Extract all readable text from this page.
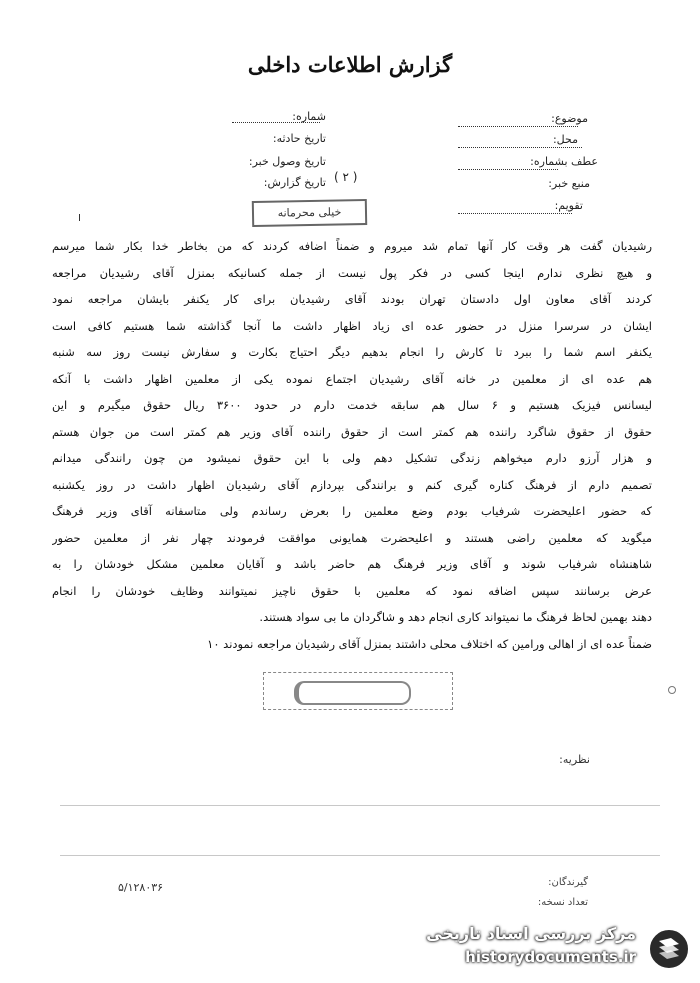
گزارش اطلاعات داخلی
موضوع:
محل:
عطف بشماره:
منبع خبر:
تقویم:
شماره:
تاریخ حادثه:
تاریخ وصول خبر:
تاریخ گزارش: ( ۲ )
خیلی محرمانه

رشیدیان گفت هر وقت کار آنها تمام شد میروم و ضمناً اضافه کردند که من بخاطر خدا بکار شما میرسم

و هیچ نظری ندارم اینجا کسی در فکر پول نیست از جمله کسانیکه بمنزل آقای رشیدیان مراجعه

کردند آقای معاون اول دادستان تهران بودند آقای رشیدیان برای کار یکنفر بایشان مراجعه نمود

ایشان در سرسرا منزل در حضور عده ای زیاد اظهار داشت ما آنجا گذاشته شما هستیم کافی است

یکنفر اسم شما را ببرد تا کارش را انجام بدهیم دیگر احتیاج بکارت و سفارش نیست روز سه شنبه

هم عده ای از معلمین در خانه آقای رشیدیان اجتماع نموده یکی از معلمین اظهار داشت با آنکه

لیسانس فیزیک هستیم و ۶ سال هم سابقه خدمت دارم در حدود ۳۶۰۰ ریال حقوق میگیرم و این

حقوق از حقوق شاگرد راننده هم کمتر است از حقوق راننده آقای وزیر هم کمتر است من جوان هستم

و هزار آرزو دارم میخواهم زندگی تشکیل دهم ولی با این حقوق نمیشود من چون رانندگی میدانم

تصمیم دارم از فرهنگ کناره گیری کنم و برانندگی بپردازم آقای رشیدیان اظهار داشت در روز یکشنبه

که حضور اعلیحضرت شرفیاب بودم وضع معلمین را بعرض رساندم ولی متاسفانه آقای وزیر فرهنگ

میگوید که معلمین راضی هستند و اعلیحضرت همایونی موافقت فرمودند چهار نفر از معلمین حضور

شاهنشاه شرفیاب شوند و آقای وزیر فرهنگ هم حاضر باشد و آقایان معلمین مشکل خودشان را به

عرض برسانند سپس اضافه نمود که معلمین با حقوق ناچیز نمیتوانند وظایف خودشان را انجام

دهند بهمین لحاظ فرهنگ ما نمیتواند کاری انجام دهد و شاگردان ما بی سواد هستند.

ضمناً عده ای از اهالی ورامین که اختلاف محلی داشتند بمنزل آقای رشیدیان مراجعه نمودند ۱۰

نظریه:
گیرندگان:
تعداد نسخه:
۵/۱۲۸۰۳۶
مرکز بررسی اسناد تاریخی
historydocuments.ir
